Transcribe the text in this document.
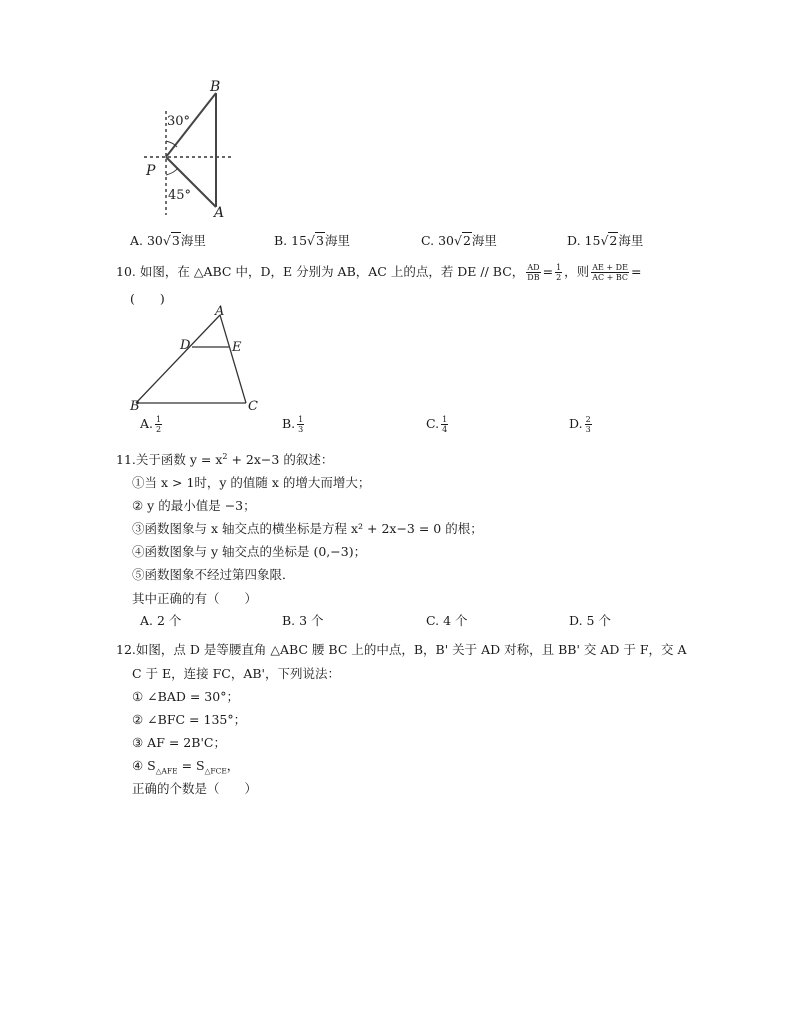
B
P
A
30°
45°
A. 30√3海里	B. 15√3海里	C. 30√2海里	D. 15√2海里
10. 如图，在 △ABC 中，D，E 分别为 AB，AC 上的点，若 DE // BC， $\frac{AD}{DB} = \frac{1}{2}$ ，则 $\frac{AE + DE}{AC + BC}$ =
(　　)
A
D	E
B	C
A. $\frac{1}{2}$	B. $\frac{1}{3}$	C. $\frac{1}{4}$	D. $\frac{2}{3}$
11.关于函数 $y = x^2 + 2x-3$ 的叙述：
①当 x > 1时，y 的值随 x 的增大而增大；
② y 的最小值是 −3；
③函数图象与 x 轴交点的横坐标是方程 x² + 2x−3 = 0 的根；
④函数图象与 y 轴交点的坐标是 (0,−3)；
⑤函数图象不经过第四象限．
其中正确的有（　　）
A. 2 个	B. 3 个	C. 4 个	D. 5 个
12.如图，点 D 是等腰直角 △ABC 腰 BC 上的中点，B，B' 关于 AD 对称，且 BB' 交 AD 于 F，交 A
C 于 E，连接 FC，AB'，下列说法：
① ∠BAD = 30°；
② ∠BFC = 135°；
③ AF = 2B'C；
④ $S_{\triangle AFE} = S_{\triangle FCE}$，
正确的个数是（　　）
